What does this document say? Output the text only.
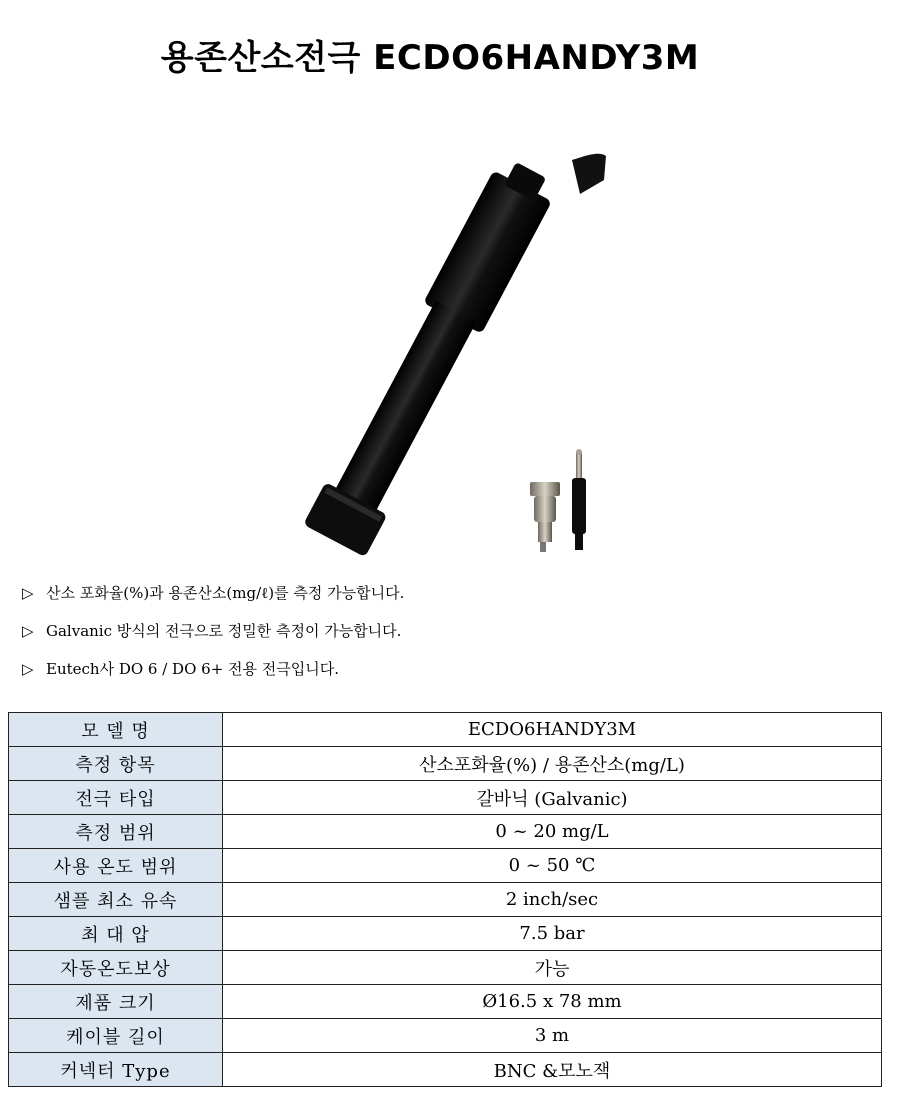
용존산소전극 ECDO6HANDY3M
▷ 산소 포화율(%)과 용존산소(mg/ℓ)를 측정 가능합니다.
▷ Galvanic 방식의 전극으로 정밀한 측정이 가능합니다.
▷ Eutech사 DO 6 / DO 6+ 전용 전극입니다.
모 델 명	ECDO6HANDY3M
측정 항목	산소포화율(%) / 용존산소(mg/L)
전극 타입	갈바닉 (Galvanic)
측정 범위	0 ~ 20 mg/L
사용 온도 범위	0 ~ 50 ℃
샘플 최소 유속	2 inch/sec
최 대 압	7.5 bar
자동온도보상	가능
제품 크기	Ø16.5 x 78 mm
케이블 길이	3 m
커넥터 Type	BNC &모노잭
